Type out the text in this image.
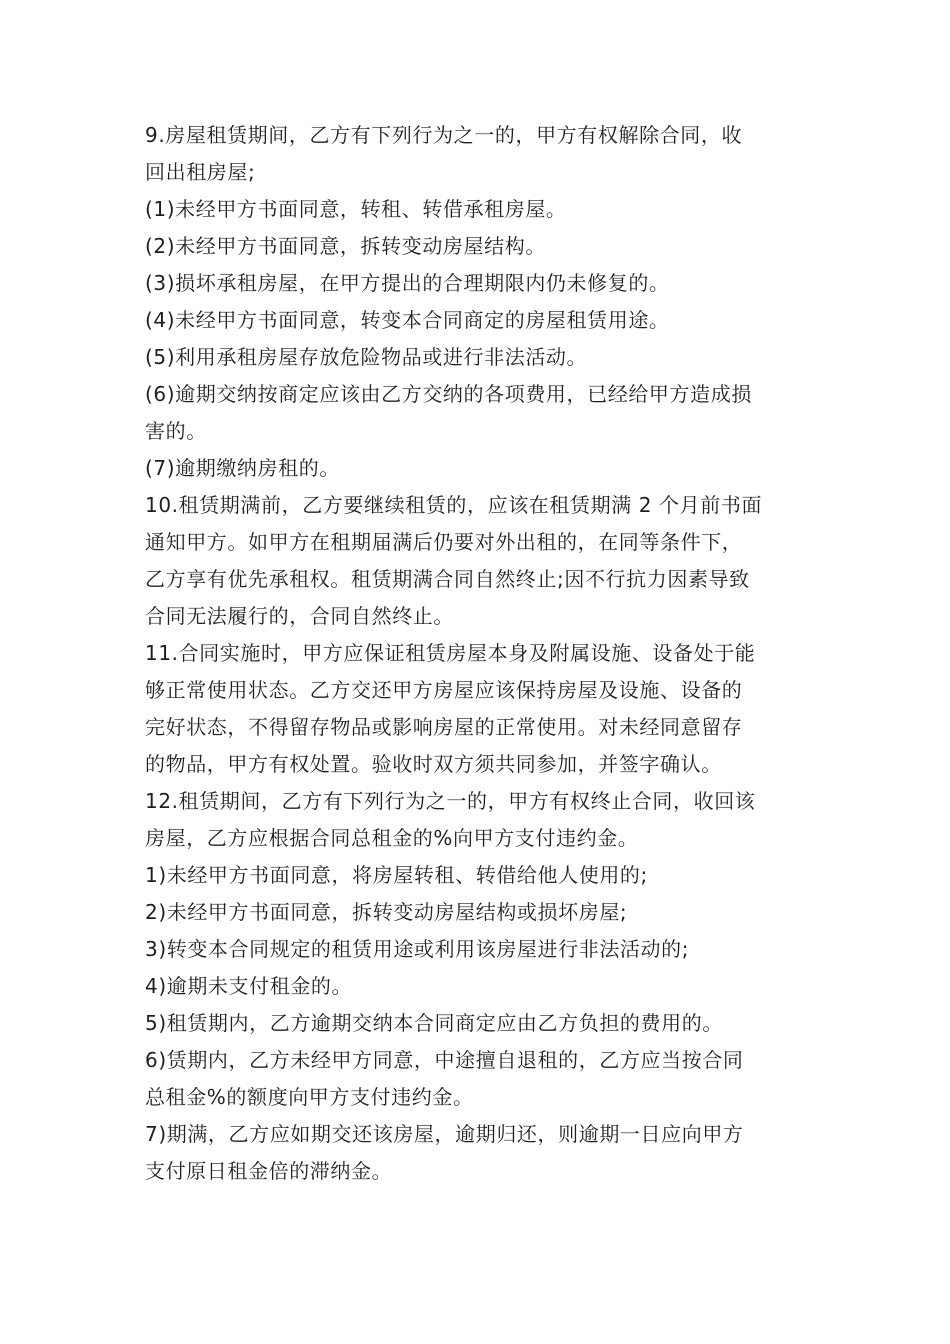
9.房屋租赁期间，乙方有下列行为之一的，甲方有权解除合同，收
回出租房屋;

(1)未经甲方书面同意，转租、转借承租房屋。

(2)未经甲方书面同意，拆转变动房屋结构。

(3)损坏承租房屋，在甲方提出的合理期限内仍未修复的。

(4)未经甲方书面同意，转变本合同商定的房屋租赁用途。

(5)利用承租房屋存放危险物品或进行非法活动。

(6)逾期交纳按商定应该由乙方交纳的各项费用，已经给甲方造成损
害的。

(7)逾期缴纳房租的。

10.租赁期满前，乙方要继续租赁的，应该在租赁期满 2 个月前书面
通知甲方。如甲方在租期届满后仍要对外出租的，在同等条件下，
乙方享有优先承租权。租赁期满合同自然终止;因不行抗力因素导致
合同无法履行的，合同自然终止。

11.合同实施时，甲方应保证租赁房屋本身及附属设施、设备处于能
够正常使用状态。乙方交还甲方房屋应该保持房屋及设施、设备的
完好状态，不得留存物品或影响房屋的正常使用。对未经同意留存
的物品，甲方有权处置。验收时双方须共同参加，并签字确认。

12.租赁期间，乙方有下列行为之一的，甲方有权终止合同，收回该
房屋，乙方应根据合同总租金的%向甲方支付违约金。

1)未经甲方书面同意，将房屋转租、转借给他人使用的;

2)未经甲方书面同意，拆转变动房屋结构或损坏房屋;

3)转变本合同规定的租赁用途或利用该房屋进行非法活动的;

4)逾期未支付租金的。

5)租赁期内，乙方逾期交纳本合同商定应由乙方负担的费用的。

6)赁期内，乙方未经甲方同意，中途擅自退租的，乙方应当按合同
总租金%的额度向甲方支付违约金。

7)期满，乙方应如期交还该房屋，逾期归还，则逾期一日应向甲方
支付原日租金倍的滞纳金。
